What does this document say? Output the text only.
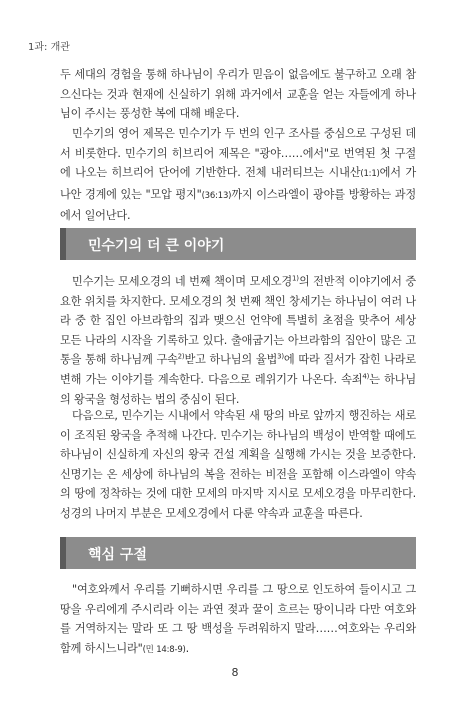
1과: 개관

두 세대의 경험을 통해 하나님이 우리가 믿음이 없음에도 불구하고 오래 참으신다는 것과 현재에 신실하기 위해 과거에서 교훈을 얻는 자들에게 하나님이 주시는 풍성한 복에 대해 배운다.

민수기의 영어 제목은 민수기가 두 번의 인구 조사를 중심으로 구성된 데서 비롯한다. 민수기의 히브리어 제목은 "광야……에서"로 번역된 첫 구절에 나오는 히브리어 단어에 기반한다. 전체 내러티브는 시내산(1:1)에서 가나안 경계에 있는 "모압 평지"(36:13)까지 이스라엘이 광야를 방황하는 과정에서 일어난다.

민수기의 더 큰 이야기

민수기는 모세오경의 네 번째 책이며 모세오경$^{1)}$의 전반적 이야기에서 중요한 위치를 차지한다. 모세오경의 첫 번째 책인 창세기는 하나님이 여러 나라 중 한 집인 아브라함의 집과 맺으신 언약에 특별히 초점을 맞추어 세상 모든 나라의 시작을 기록하고 있다. 출애굽기는 아브라함의 집안이 많은 고통을 통해 하나님께 구속$^{2)}$받고 하나님의 율법$^{3)}$에 따라 질서가 잡힌 나라로 변해 가는 이야기를 계속한다. 다음으로 레위기가 나온다. 속죄$^{4)}$는 하나님의 왕국을 형성하는 법의 중심이 된다.

다음으로, 민수기는 시내에서 약속된 새 땅의 바로 앞까지 행진하는 새로이 조직된 왕국을 추적해 나간다. 민수기는 하나님의 백성이 반역할 때에도 하나님이 신실하게 자신의 왕국 건설 계획을 실행해 가시는 것을 보증한다. 신명기는 온 세상에 하나님의 복을 전하는 비전을 포함해 이스라엘이 약속의 땅에 정착하는 것에 대한 모세의 마지막 지시로 모세오경을 마무리한다. 성경의 나머지 부분은 모세오경에서 다룬 약속과 교훈을 따른다.

핵심 구절

"여호와께서 우리를 기뻐하시면 우리를 그 땅으로 인도하여 들이시고 그 땅을 우리에게 주시리라 이는 과연 젖과 꿀이 흐르는 땅이니라 다만 여호와를 거역하지는 말라 또 그 땅 백성을 두려워하지 말라……여호와는 우리와 함께 하시느니라"(민 14:8-9).

8
